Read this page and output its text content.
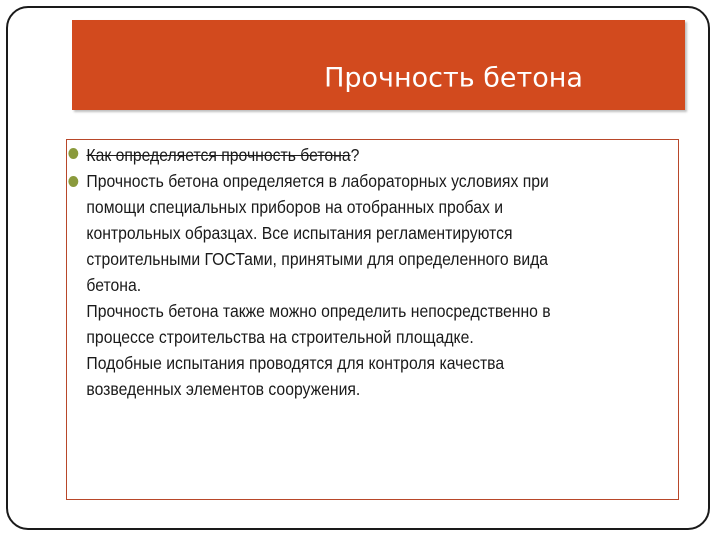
Прочность бетона
Как определяется прочность бетона?
Прочность бетона определяется в лабораторных условиях при помощи специальных приборов на отобранных пробах и контрольных образцах. Все испытания регламентируются строительными ГОСТами, принятыми для определенного вида бетона.
Прочность бетона также можно определить непосредственно в процессе строительства на строительной площадке. Подобные испытания проводятся для контроля качества возведенных элементов сооружения.
